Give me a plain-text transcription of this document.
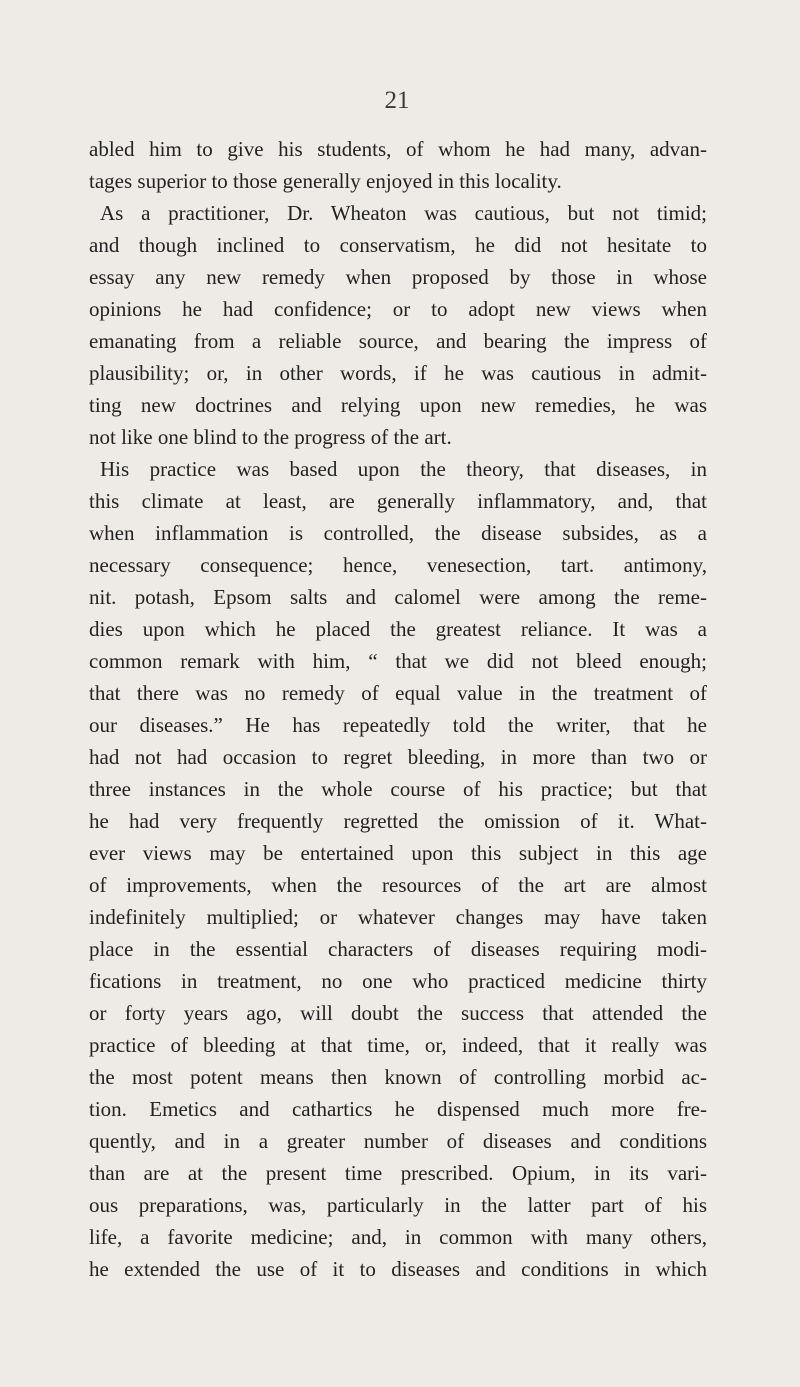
21
abled him to give his students, of whom he had many, advan-
tages superior to those generally enjoyed in this locality.
As a practitioner, Dr. Wheaton was cautious, but not timid;
and though inclined to conservatism, he did not hesitate to
essay any new remedy when proposed by those in whose
opinions he had confidence; or to adopt new views when
emanating from a reliable source, and bearing the impress of
plausibility; or, in other words, if he was cautious in admit-
ting new doctrines and relying upon new remedies, he was
not like one blind to the progress of the art.
His practice was based upon the theory, that diseases, in
this climate at least, are generally inflammatory, and, that
when inflammation is controlled, the disease subsides, as a
necessary consequence; hence, venesection, tart. antimony,
nit. potash, Epsom salts and calomel were among the reme-
dies upon which he placed the greatest reliance. It was a
common remark with him, “ that we did not bleed enough;
that there was no remedy of equal value in the treatment of
our diseases.” He has repeatedly told the writer, that he
had not had occasion to regret bleeding, in more than two or
three instances in the whole course of his practice; but that
he had very frequently regretted the omission of it. What-
ever views may be entertained upon this subject in this age
of improvements, when the resources of the art are almost
indefinitely multiplied; or whatever changes may have taken
place in the essential characters of diseases requiring modi-
fications in treatment, no one who practiced medicine thirty
or forty years ago, will doubt the success that attended the
practice of bleeding at that time, or, indeed, that it really was
the most potent means then known of controlling morbid ac-
tion. Emetics and cathartics he dispensed much more fre-
quently, and in a greater number of diseases and conditions
than are at the present time prescribed. Opium, in its vari-
ous preparations, was, particularly in the latter part of his
life, a favorite medicine; and, in common with many others,
he extended the use of it to diseases and conditions in which
